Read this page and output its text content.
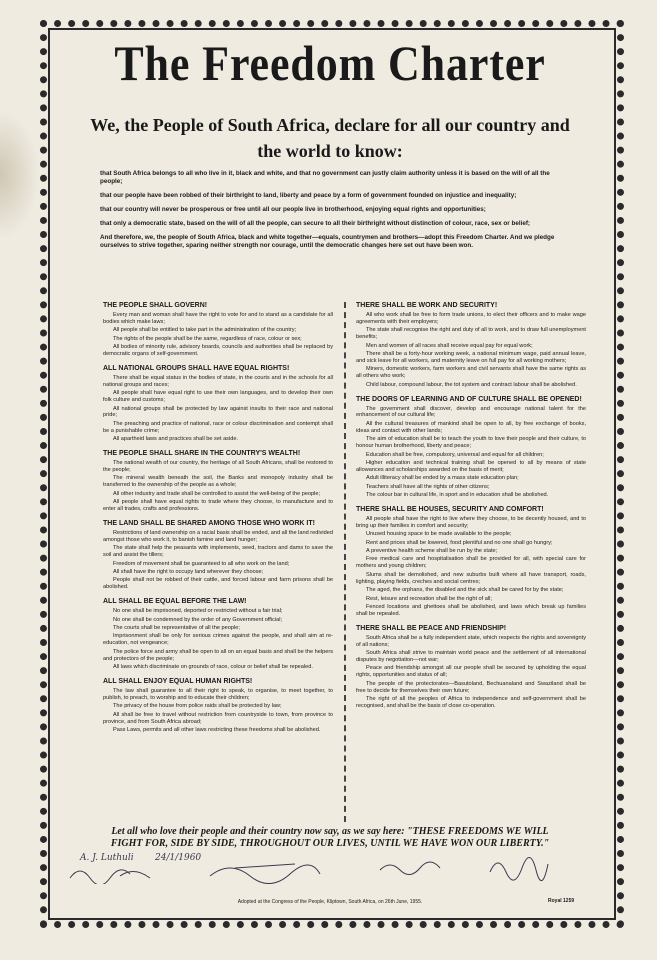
The Freedom Charter
We, the People of South Africa, declare for all our country and the world to know:

that South Africa belongs to all who live in it, black and white, and that no government can justly claim authority unless it is based on the will of all the people;

that our people have been robbed of their birthright to land, liberty and peace by a form of government founded on injustice and inequality;

that our country will never be prosperous or free until all our people live in brotherhood, enjoying equal rights and opportunities;

that only a democratic state, based on the will of all the people, can secure to all their birthright without distinction of colour, race, sex or belief;

And therefore, we, the people of South Africa, black and white together—equals, countrymen and brothers—adopt this Freedom Charter. And we pledge ourselves to strive together, sparing neither strength nor courage, until the democratic changes here set out have been won.

THE PEOPLE SHALL GOVERN!

Every man and woman shall have the right to vote for and to stand as a candidate for all bodies which make laws;

All people shall be entitled to take part in the administration of the country;

The rights of the people shall be the same, regardless of race, colour or sex;

All bodies of minority rule, advisory boards, councils and authorities shall be replaced by democratic organs of self-government.

ALL NATIONAL GROUPS SHALL HAVE EQUAL RIGHTS!

There shall be equal status in the bodies of state, in the courts and in the schools for all national groups and races;

All people shall have equal right to use their own languages, and to develop their own folk culture and customs;

All national groups shall be protected by law against insults to their race and national pride;

The preaching and practice of national, race or colour discrimination and contempt shall be a punishable crime;

All apartheid laws and practices shall be set aside.

THE PEOPLE SHALL SHARE IN THE COUNTRY'S WEALTH!

The national wealth of our country, the heritage of all South Africans, shall be restored to the people;

The mineral wealth beneath the soil, the Banks and monopoly industry shall be transferred to the ownership of the people as a whole;

All other industry and trade shall be controlled to assist the well-being of the people;

All people shall have equal rights to trade where they choose, to manufacture and to enter all trades, crafts and professions.

THE LAND SHALL BE SHARED AMONG THOSE WHO WORK IT!

Restrictions of land ownership on a racial basis shall be ended, and all the land redivided amongst those who work it, to banish famine and land hunger;

The state shall help the peasants with implements, seed, tractors and dams to save the soil and assist the tillers;

Freedom of movement shall be guaranteed to all who work on the land;

All shall have the right to occupy land wherever they choose;

People shall not be robbed of their cattle, and forced labour and farm prisons shall be abolished.

ALL SHALL BE EQUAL BEFORE THE LAW!

No one shall be imprisoned, deported or restricted without a fair trial;

No one shall be condemned by the order of any Government official;

The courts shall be representative of all the people;

Imprisonment shall be only for serious crimes against the people, and shall aim at re-education, not vengeance;

The police force and army shall be open to all on an equal basis and shall be the helpers and protectors of the people;

All laws which discriminate on grounds of race, colour or belief shall be repealed.

ALL SHALL ENJOY EQUAL HUMAN RIGHTS!

The law shall guarantee to all their right to speak, to organise, to meet together, to publish, to preach, to worship and to educate their children;

The privacy of the house from police raids shall be protected by law;

All shall be free to travel without restriction from countryside to town, from province to province, and from South Africa abroad;

Pass Laws, permits and all other laws restricting these freedoms shall be abolished.

THERE SHALL BE WORK AND SECURITY!

All who work shall be free to form trade unions, to elect their officers and to make wage agreements with their employers;

The state shall recognise the right and duty of all to work, and to draw full unemployment benefits;

Men and women of all races shall receive equal pay for equal work;

There shall be a forty-hour working week, a national minimum wage, paid annual leave, and sick leave for all workers, and maternity leave on full pay for all working mothers;

Miners, domestic workers, farm workers and civil servants shall have the same rights as all others who work;

Child labour, compound labour, the tot system and contract labour shall be abolished.

THE DOORS OF LEARNING AND OF CULTURE SHALL BE OPENED!

The government shall discover, develop and encourage national talent for the enhancement of our cultural life;

All the cultural treasures of mankind shall be open to all, by free exchange of books, ideas and contact with other lands;

The aim of education shall be to teach the youth to love their people and their culture, to honour human brotherhood, liberty and peace;

Education shall be free, compulsory, universal and equal for all children;

Higher education and technical training shall be opened to all by means of state allowances and scholarships awarded on the basis of merit;

Adult illiteracy shall be ended by a mass state education plan;

Teachers shall have all the rights of other citizens;

The colour bar in cultural life, in sport and in education shall be abolished.

THERE SHALL BE HOUSES, SECURITY AND COMFORT!

All people shall have the right to live where they choose, to be decently housed, and to bring up their families in comfort and security;

Unused housing space to be made available to the people;

Rent and prices shall be lowered, food plentiful and no one shall go hungry;

A preventive health scheme shall be run by the state;

Free medical care and hospitalisation shall be provided for all, with special care for mothers and young children;

Slums shall be demolished, and new suburbs built where all have transport, roads, lighting, playing fields, creches and social centres;

The aged, the orphans, the disabled and the sick shall be cared for by the state;

Rest, leisure and recreation shall be the right of all;

Fenced locations and ghettoes shall be abolished, and laws which break up families shall be repealed.

THERE SHALL BE PEACE AND FRIENDSHIP!

South Africa shall be a fully independent state, which respects the rights and sovereignty of all nations;

South Africa shall strive to maintain world peace and the settlement of all international disputes by negotiation—not war;

Peace and friendship amongst all our people shall be secured by upholding the equal rights, opportunities and status of all;

The people of the protectorates—Basutoland, Bechuanaland and Swaziland shall be free to decide for themselves their own future;

The right of all the peoples of Africa to independence and self-government shall be recognised, and shall be the basis of close co-operation.

Let all who love their people and their country now say, as we say here: "THESE FREEDOMS WE WILL FIGHT FOR, SIDE BY SIDE, THROUGHOUT OUR LIVES, UNTIL WE HAVE WON OUR LIBERTY."
A. J. Luthuli 24/1/1960
Adopted at the Congress of the People, Kliptown, South Africa, on 26th June, 1955.	Royal 1259
